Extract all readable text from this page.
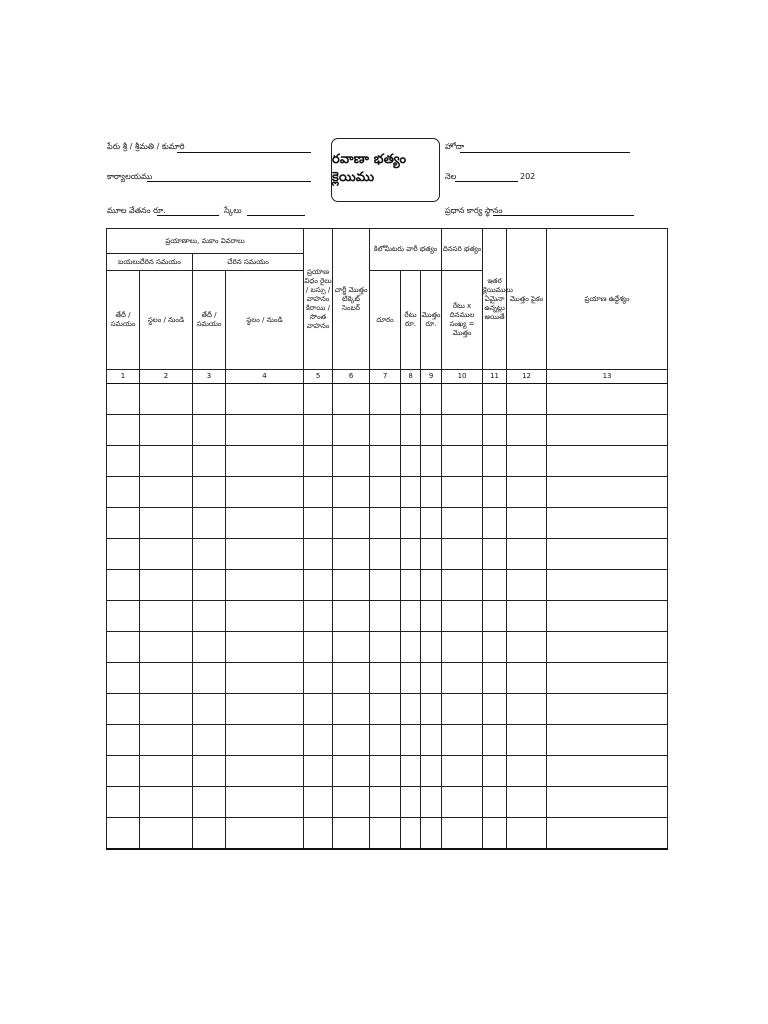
పేరు శ్రీ / శ్రీమతి / కుమారి
కార్యాలయము
మూల వేతనం రూ.	స్కేలు
రవాణా భత్యం క్లెయిము
హోదా
నెల	202
ప్రధాన కార్య స్థానం
ప్రయాణాలు, మకాం వివరాలు				ప్రయాణ విధం రైలు / బస్సు / వాహనం కిరాయి / సొంత వాహనం	చార్జీ మొత్తం టిక్కెట్ సెంబర్	కిలోమీటరు వారీ భత్యం			దినసరి భత్యం	ఇతర క్లెయిములు ఏమైనా ఉన్నట్లు అయితే	మొత్తం పైకం	ప్రయాణ ఉద్దేశ్యం
బయలుదేరిన సమయం		చేరిన సమయం										
తేదీ / సమయం	స్థలం / నుండి	తేదీ / సమయం	స్థలం / నుండి			దూరం	రేటు రూ.	మొత్తం రూ.	రేటు x దినముల సంఖ్య = మొత్తం			
1	2	3	4	5	6	7	8	9	10	11	12	13
